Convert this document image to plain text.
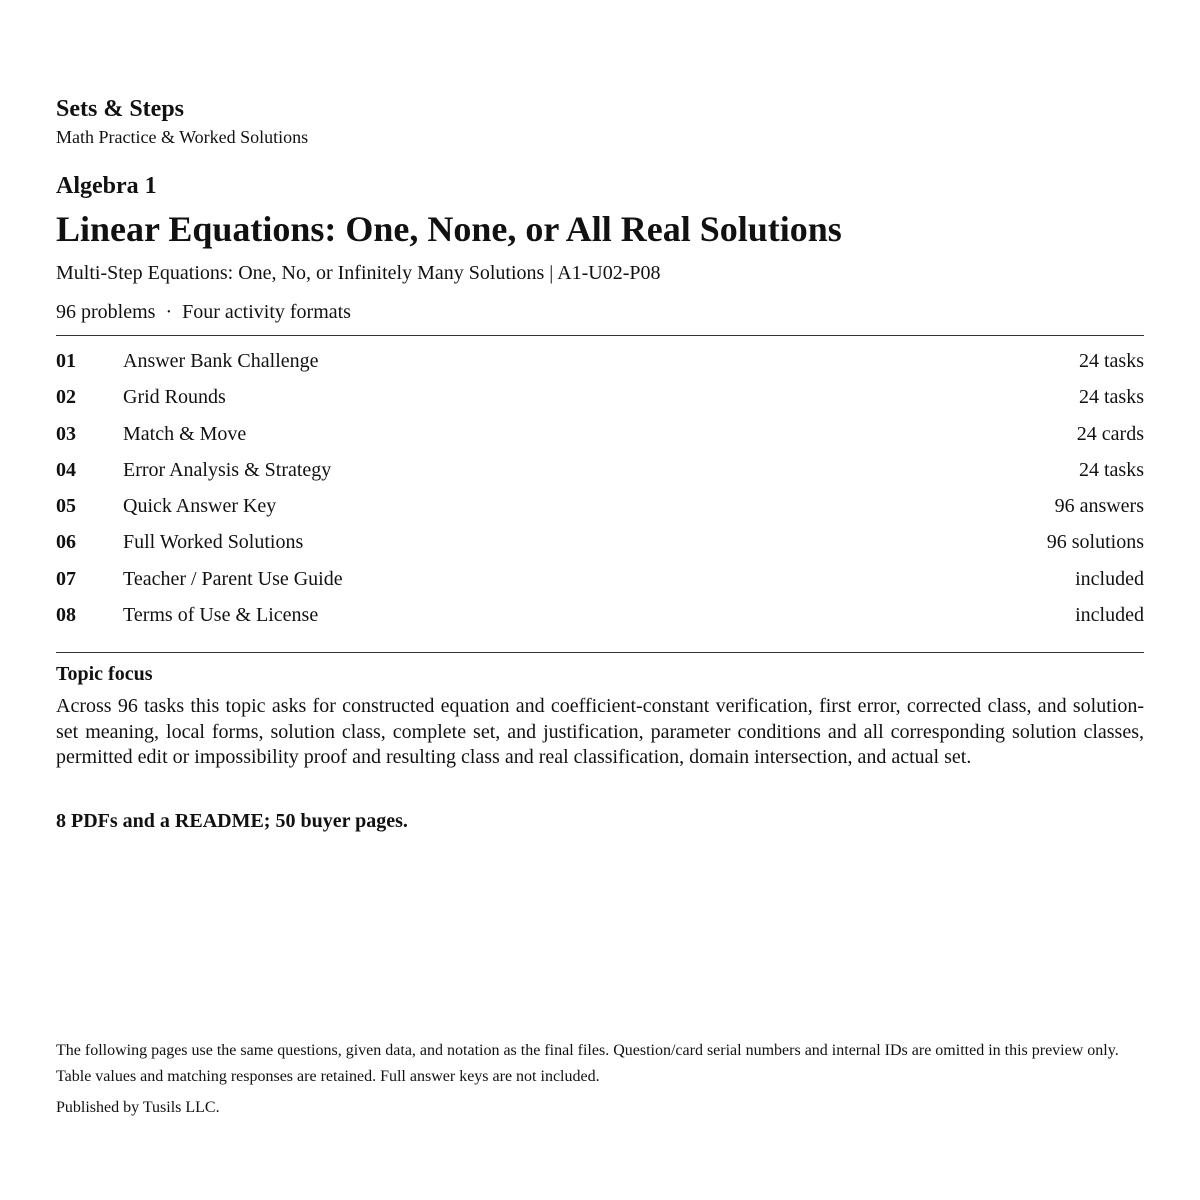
Sets & Steps
Math Practice & Worked Solutions
Algebra 1
Linear Equations: One, None, or All Real Solutions
Multi-Step Equations: One, No, or Infinitely Many Solutions | A1-U02-P08
96 problems · Four activity formats
01 Answer Bank Challenge	24 tasks
02 Grid Rounds	24 tasks
03 Match & Move	24 cards
04 Error Analysis & Strategy	24 tasks
05 Quick Answer Key	96 answers
06 Full Worked Solutions	96 solutions
07 Teacher / Parent Use Guide	included
08 Terms of Use & License	included
Topic focus

Across 96 tasks this topic asks for constructed equation and coefficient-constant verification, first error, corrected class, and solution-set meaning, local forms, solution class, complete set, and justification, parameter conditions and all corresponding solution classes, permitted edit or impossibility proof and resulting class and real classification, domain intersection, and actual set.

8 PDFs and a README; 50 buyer pages.

The following pages use the same questions, given data, and notation as the final files. Question/card serial numbers and internal IDs are omitted in this preview only. Table values and matching responses are retained. Full answer keys are not included.

Published by Tusils LLC.
